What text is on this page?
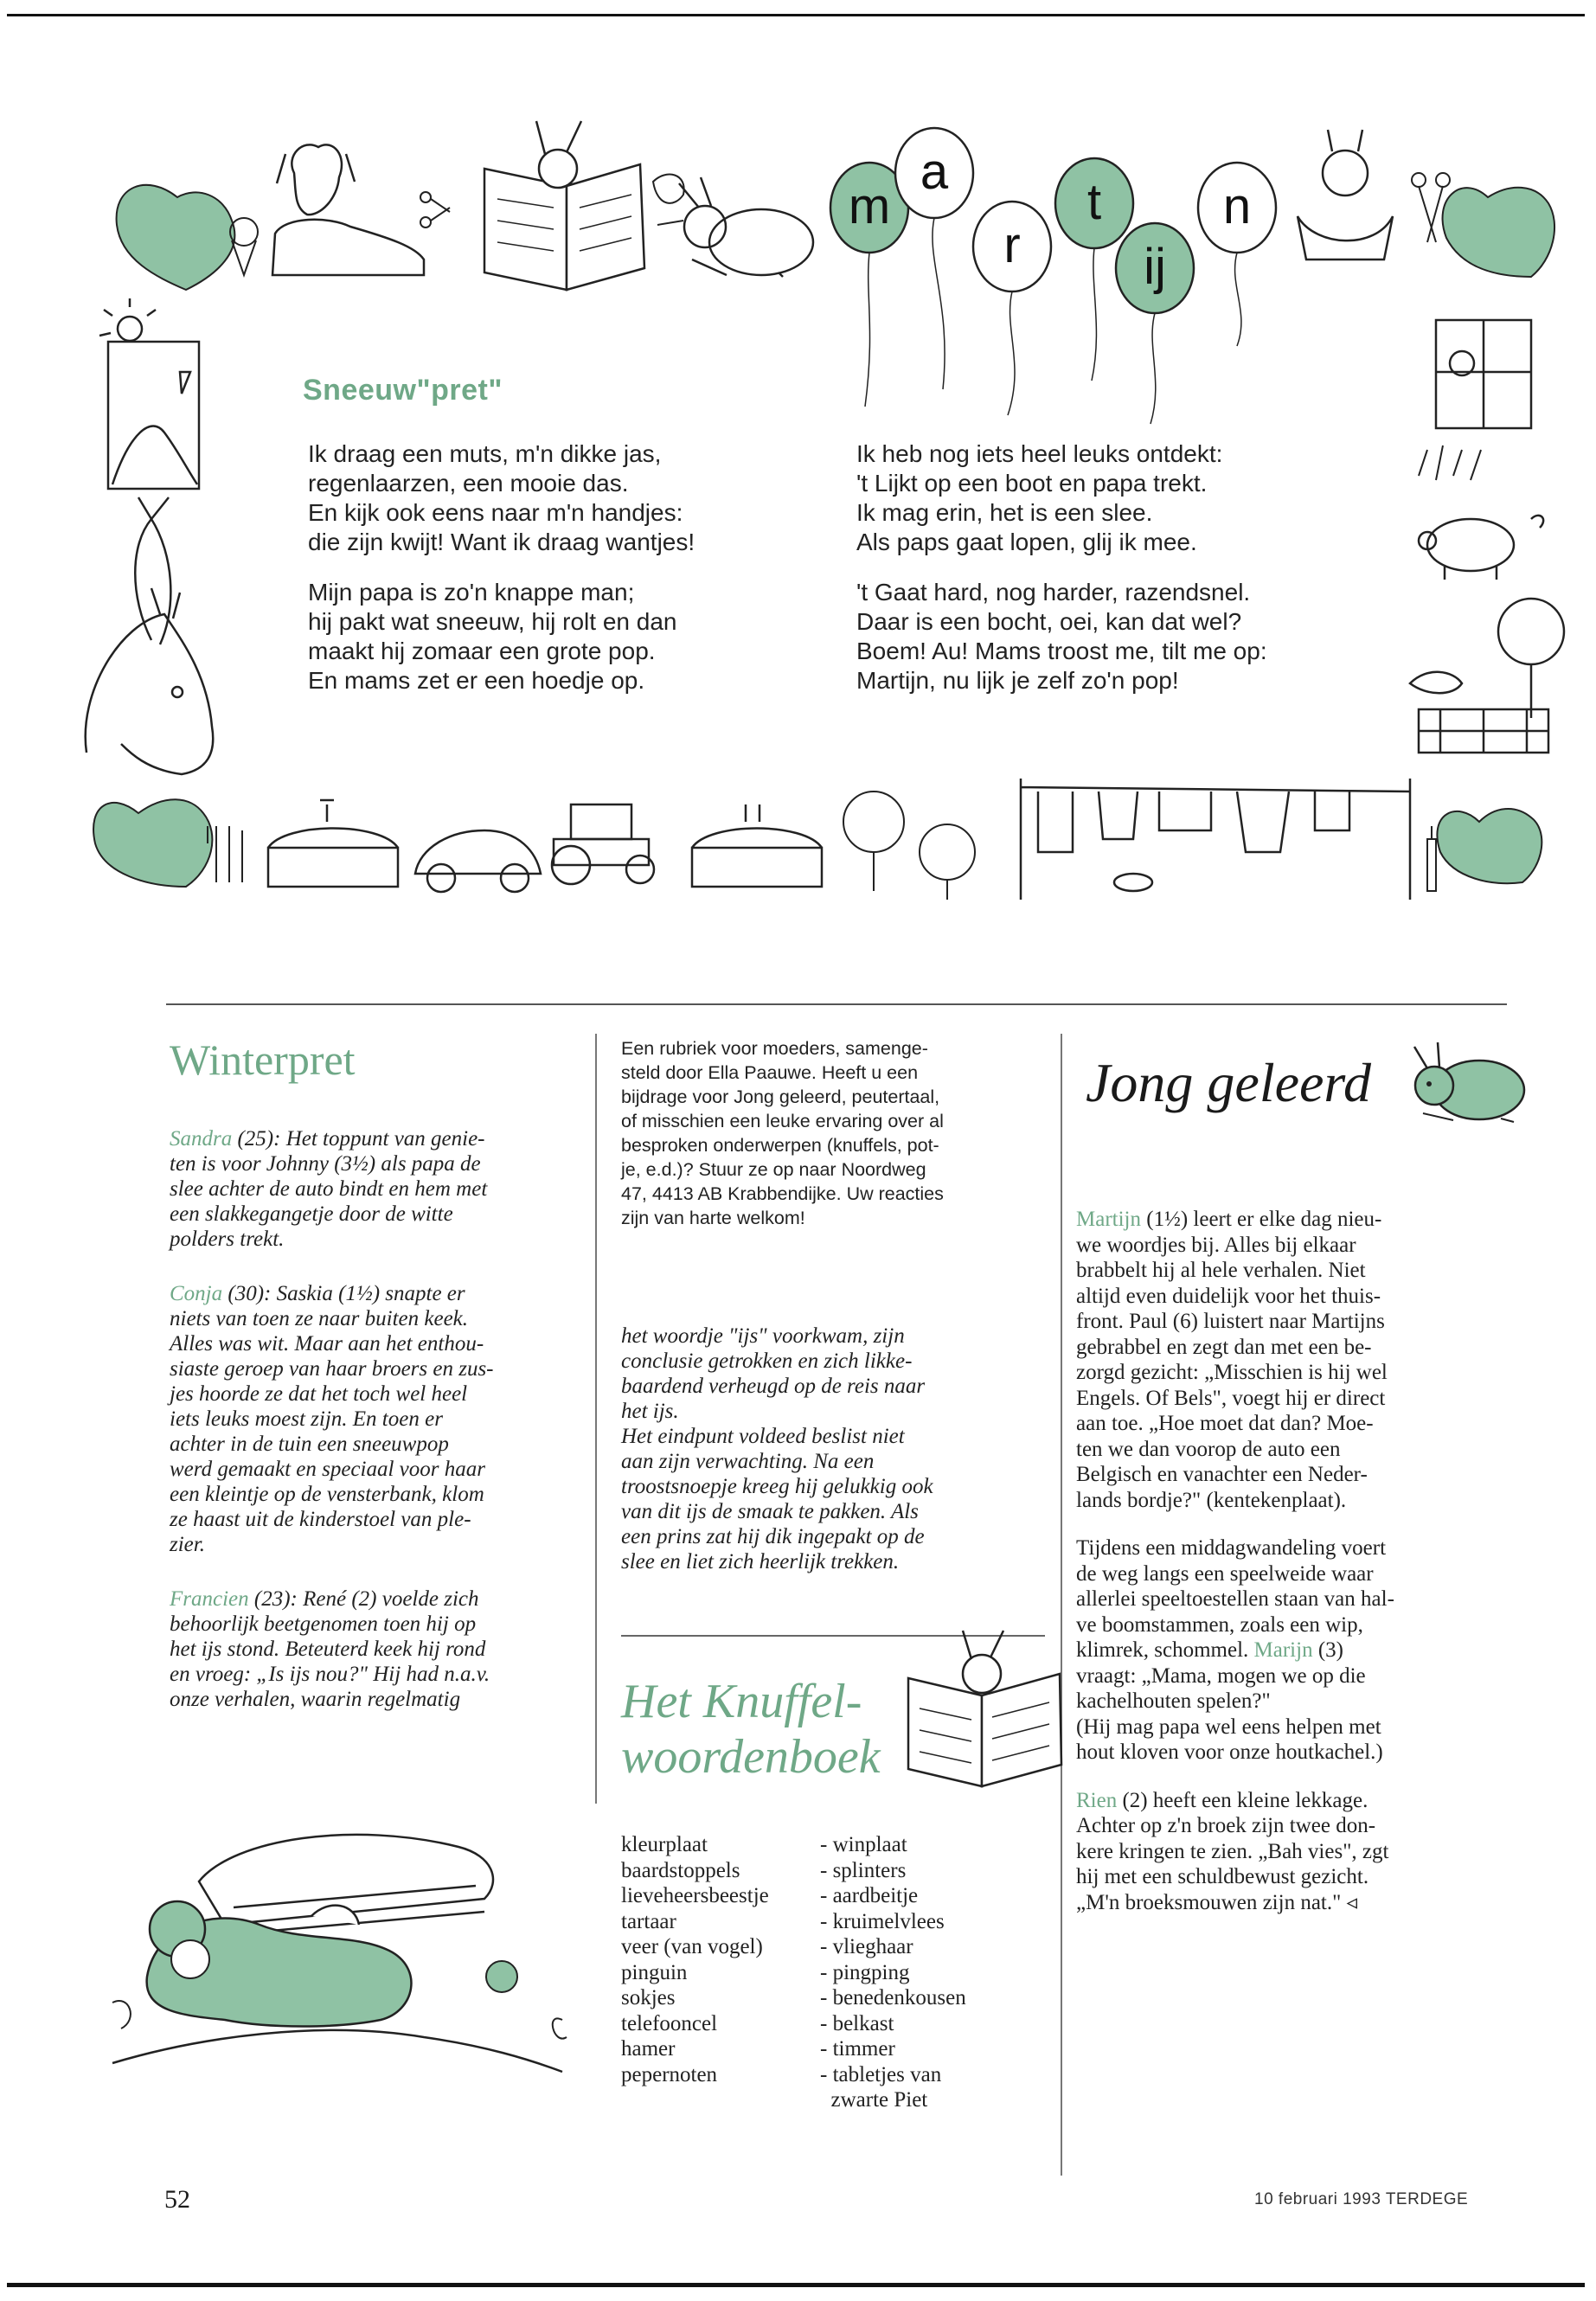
m
a
r
t
ij
n
Sneeuw"pret"

Ik draag een muts, m'n dikke jas,
regenlaarzen, een mooie das.
En kijk ook eens naar m'n handjes:
die zijn kwijt! Want ik draag wantjes!

Mijn papa is zo'n knappe man;
hij pakt wat sneeuw, hij rolt en dan
maakt hij zomaar een grote pop.
En mams zet er een hoedje op.

Ik heb nog iets heel leuks ontdekt:
't Lijkt op een boot en papa trekt.
Ik mag erin, het is een slee.
Als paps gaat lopen, glij ik mee.

't Gaat hard, nog harder, razendsnel.
Daar is een bocht, oei, kan dat wel?
Boem! Au! Mams troost me, tilt me op:
Martijn, nu lijk je zelf zo'n pop!

Winterpret

Sandra (25): Het toppunt van genie-
ten is voor Johnny (3½) als papa de
slee achter de auto bindt en hem met
een slakkegangetje door de witte
polders trekt.

Conja (30): Saskia (1½) snapte er
niets van toen ze naar buiten keek.
Alles was wit. Maar aan het enthou-
siaste geroep van haar broers en zus-
jes hoorde ze dat het toch wel heel
iets leuks moest zijn. En toen er
achter in de tuin een sneeuwpop
werd gemaakt en speciaal voor haar
een kleintje op de vensterbank, klom
ze haast uit de kinderstoel van ple-
zier.

Francien (23): René (2) voelde zich
behoorlijk beetgenomen toen hij op
het ijs stond. Beteuterd keek hij rond
en vroeg: „Is ijs nou?" Hij had n.a.v.
onze verhalen, waarin regelmatig

Een rubriek voor moeders, samenge-
steld door Ella Paauwe. Heeft u een
bijdrage voor Jong geleerd, peutertaal,
of misschien een leuke ervaring over al
besproken onderwerpen (knuffels, pot-
je, e.d.)? Stuur ze op naar Noordweg
47, 4413 AB Krabbendijke. Uw reacties
zijn van harte welkom!
het woordje "ijs" voorkwam, zijn
conclusie getrokken en zich likke-
baardend verheugd op de reis naar
het ijs.
Het eindpunt voldeed beslist niet
aan zijn verwachting. Na een
troostsnoepje kreeg hij gelukkig ook
van dit ijs de smaak te pakken. Als
een prins zat hij dik ingepakt op de
slee en liet zich heerlijk trekken.
Het Knuffel-
woordenboek
kleurplaat	- winplaat
baardstoppels	- splinters
lieveheersbeestje - aardbeitje
tartaar	- kruimelvlees
veer (van vogel)	- vlieghaar
pinguin	- pingping
sokjes	- benedenkousen
telefooncel	- belkast
hamer	- timmer
pepernoten	- tabletjes van
zwarte Piet
Jong geleerd

Martijn (1½) leert er elke dag nieu-
we woordjes bij. Alles bij elkaar
brabbelt hij al hele verhalen. Niet
altijd even duidelijk voor het thuis-
front. Paul (6) luistert naar Martijns
gebrabbel en zegt dan met een be-
zorgd gezicht: „Misschien is hij wel
Engels. Of Bels", voegt hij er direct
aan toe. „Hoe moet dat dan? Moe-
ten we dan voorop de auto een
Belgisch en vanachter een Neder-
lands bordje?" (kentekenplaat).

Tijdens een middagwandeling voert
de weg langs een speelweide waar
allerlei speeltoestellen staan van hal-
ve boomstammen, zoals een wip,
klimrek, schommel. Marijn (3)
vraagt: „Mama, mogen we op die
kachelhouten spelen?"
(Hij mag papa wel eens helpen met
hout kloven voor onze houtkachel.)

Rien (2) heeft een kleine lekkage.
Achter op z'n broek zijn twee don-
kere kringen te zien. „Bah vies", zgt
hij met een schuldbewust gezicht.
„M'n broeksmouwen zijn nat." ◃

52	10 februari 1993 TERDEGE
